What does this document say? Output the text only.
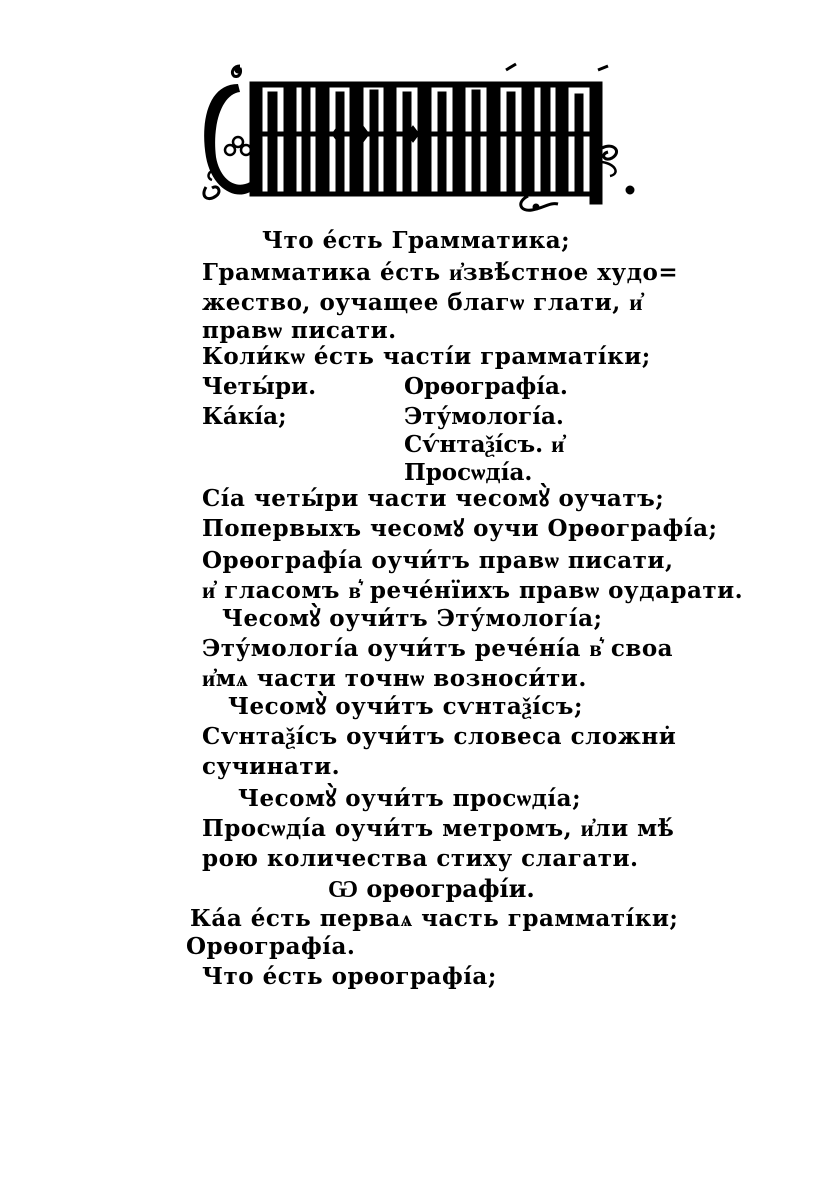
Что е́сть Грамматика;
Грамматика е́сть и҆звѣ́стное худо=
жество, оучащее благѡ глати, и҆
правѡ писати.
Коли́кѡ е́сть часті́и грамматі́ки;
Четы́ри.
Ка́кі́а;
Орѳографі́а.
Эту́мологі́а.
Сѵ́нтаѯі́съ. и҆
Просѡді́а.
Сі́а четы́ри части чесомꙋ̀ оучатъ;
Попервыхъ чесомꙋ оучи Орѳографі́а;
Орѳографі́а оучи́тъ правѡ писати,
и҆ гласомъ в͛ рече́нїихъ правѡ оударати.
Чесомꙋ̀ оучи́тъ Эту́мологі́а;
Эту́мологі́а оучи́тъ рече́ні́а в͛ своа
и҆мѧ части точнѡ возноси́ти.
Чесомꙋ̀ оучи́тъ сѵнтаѯі́съ;
Сѵнтаѯі́съ оучи́тъ словеса сложни̇
сучинати.
Чесомꙋ̀ оучи́тъ просѡді́а;
Просѡді́а оучи́тъ метромъ, и҆ли мѣ́
рою количества стиху слагати.
Ѡ орѳографі́и.
Ка́а е́сть перваѧ часть грамматі́ки;
Орѳографі́а.
Что е́сть орѳографі́а;
